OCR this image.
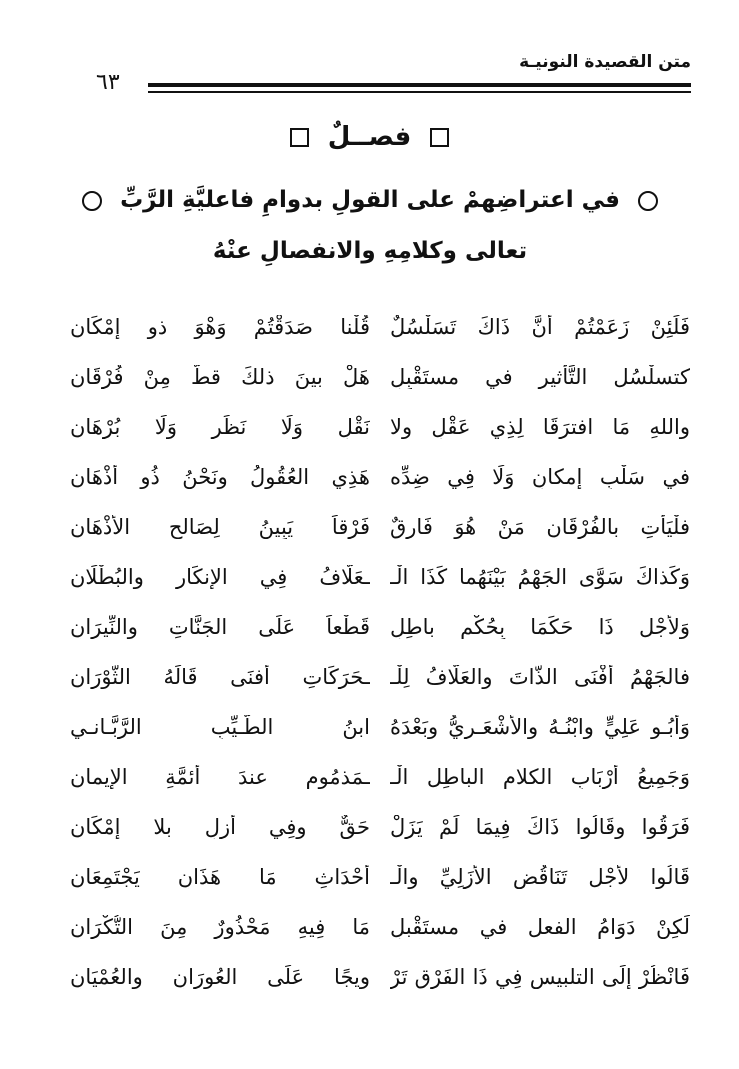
متن القصيدة النونيـة
٦٣
فصــلٌ
في اعتراضِهمْ على القولِ بدوامِ فاعليَّةِ الرَّبِّ
تعالى وكلامِهِ والانفصالِ عنْهُ
فَلَئِنْ زَعَمْتُمْ أنَّ ذَاكَ تَسَلْسُلٌ
قُلْنا صَدَقْتُمْ وَهْوَ ذو إمْكَانِ
كتسلْسُلِ التَّأثيرِ في مستَقْبِلٍ
هَلْ بينَ ذلكَ قطُّ مِنْ فُرْقَانِ
واللهِ مَا افترَقَا لِذِي عَقْلٍ ولا
نَقْلٍ وَلَا نَظَرٍ وَلَا بُرْهَانِ
في سَلْبِ إمكانٍ وَلَا فِي ضِدِّه
هَذِي العُقُولُ ونَحْنُ ذُو أَذْهَانِ
فلْيَأتِ بالفُرْقَانِ مَنْ هُوَ فَارِقٌ
فَرْقاً يَبِينُ لِصَالحِ الأَذْهَانِ
وَكَذاكَ سَوَّى الجَهْمُ بَيْنَهُما كَذَا الْـ
ـعَلَّافُ فِي الإنكَارِ والبُطْلَانِ
وَلأَجْلِ ذَا حَكَمَا بِحُكْمٍ باطِلٍ
قَطْعاً عَلَى الجَنَّاتِ والنِّيرَانِ
فالجَهْمُ أَفْنَى الذَّاتَ والعَلَّافُ لِلْـ
ـحَرَكَاتِ أفنَى قَالَهُ الثَّوْرَانِ
وَأَبُـو عَلِيٍّ وابْنُـهُ والأَشْعَـرِيُّ وبَعْدَهُ
ابنُ الطَّـيِّبِ الرَّبَّـانـي
وَجَمِيعُ أَرْبَابِ الكلامِ الباطِلِ الْـ
ـمَذمُومِ عندَ أئمَّةِ الإيمانِ
فَرَقُوا وقَالُوا ذَاكَ فِيمَا لَمْ يَزَلْ
حَقٌّ وفِي أزلٍ بلا إمْكَانِ
قَالُوا لأجْلِ تَنَاقُضِ الأَزَلِيِّ والْـ
أَحْدَاثِ مَا هَذَانِ يَجْتَمِعَانِ
لَكِنْ دَوَامُ الفعلِ في مستَقْبلٍ
مَا فِيهِ مَحْذُورٌ مِنَ التُّكْرَانِ
فَانْظُرْ إلَى التلبيسِ فِي ذَا الفَرْقِ تَرْ
وِيجًا عَلَى العُورَانِ والعُمْيَانِ
